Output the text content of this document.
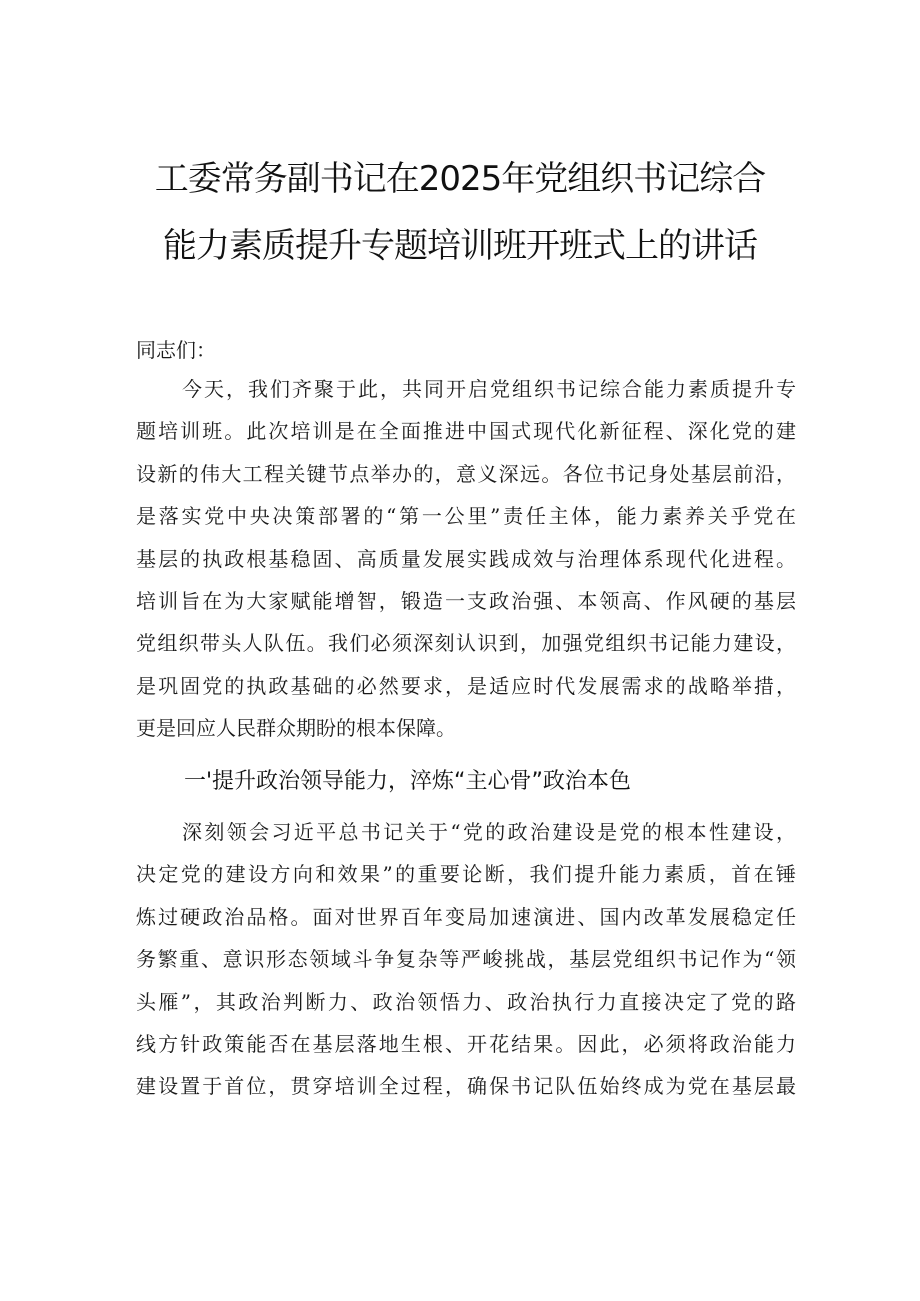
工委常务副书记在2025年党组织书记综合
能力素质提升专题培训班开班式上的讲话
同志们：
今天，我们齐聚于此，共同开启党组织书记综合能力素质提升专
题培训班。此次培训是在全面推进中国式现代化新征程、深化党的建
设新的伟大工程关键节点举办的，意义深远。各位书记身处基层前沿，
是落实党中央决策部署的“第一公里”责任主体，能力素养关乎党在
基层的执政根基稳固、高质量发展实践成效与治理体系现代化进程。
培训旨在为大家赋能增智，锻造一支政治强、本领高、作风硬的基层
党组织带头人队伍。我们必须深刻认识到，加强党组织书记能力建设，
是巩固党的执政基础的必然要求，是适应时代发展需求的战略举措，
更是回应人民群众期盼的根本保障。
一'提升政治领导能力，淬炼“主心骨”政治本色
深刻领会习近平总书记关于“党的政治建设是党的根本性建设，
决定党的建设方向和效果”的重要论断，我们提升能力素质，首在锤
炼过硬政治品格。面对世界百年变局加速演进、国内改革发展稳定任
务繁重、意识形态领域斗争复杂等严峻挑战，基层党组织书记作为“领
头雁”，其政治判断力、政治领悟力、政治执行力直接决定了党的路
线方针政策能否在基层落地生根、开花结果。因此，必须将政治能力
建设置于首位，贯穿培训全过程，确保书记队伍始终成为党在基层最
